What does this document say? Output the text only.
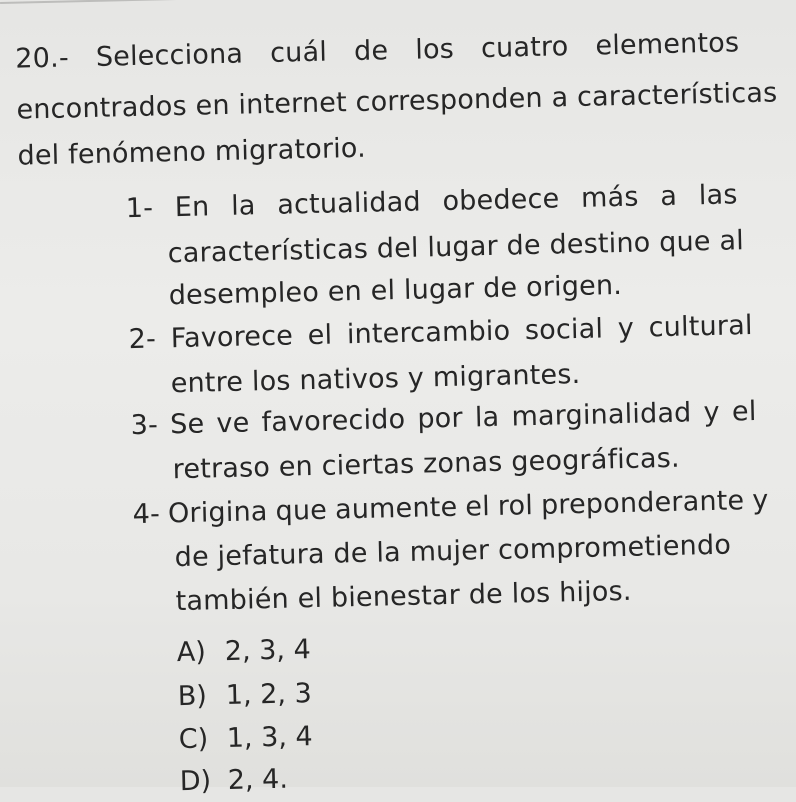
20.- Selecciona cuál de los cuatro elementos
encontrados en internet corresponden a características
del fenómeno migratorio.
1- En la actualidad obedece más a las
características del lugar de destino que al
desempleo en el lugar de origen.
2- Favorece el intercambio social y cultural
entre los nativos y migrantes.
3- Se ve favorecido por la marginalidad y el
retraso en ciertas zonas geográficas.
4- Origina que aumente el rol preponderante y
de jefatura de la mujer comprometiendo
también el bienestar de los hijos.
A) 2, 3, 4
B) 1, 2, 3
C) 1, 3, 4
D) 2, 4.
